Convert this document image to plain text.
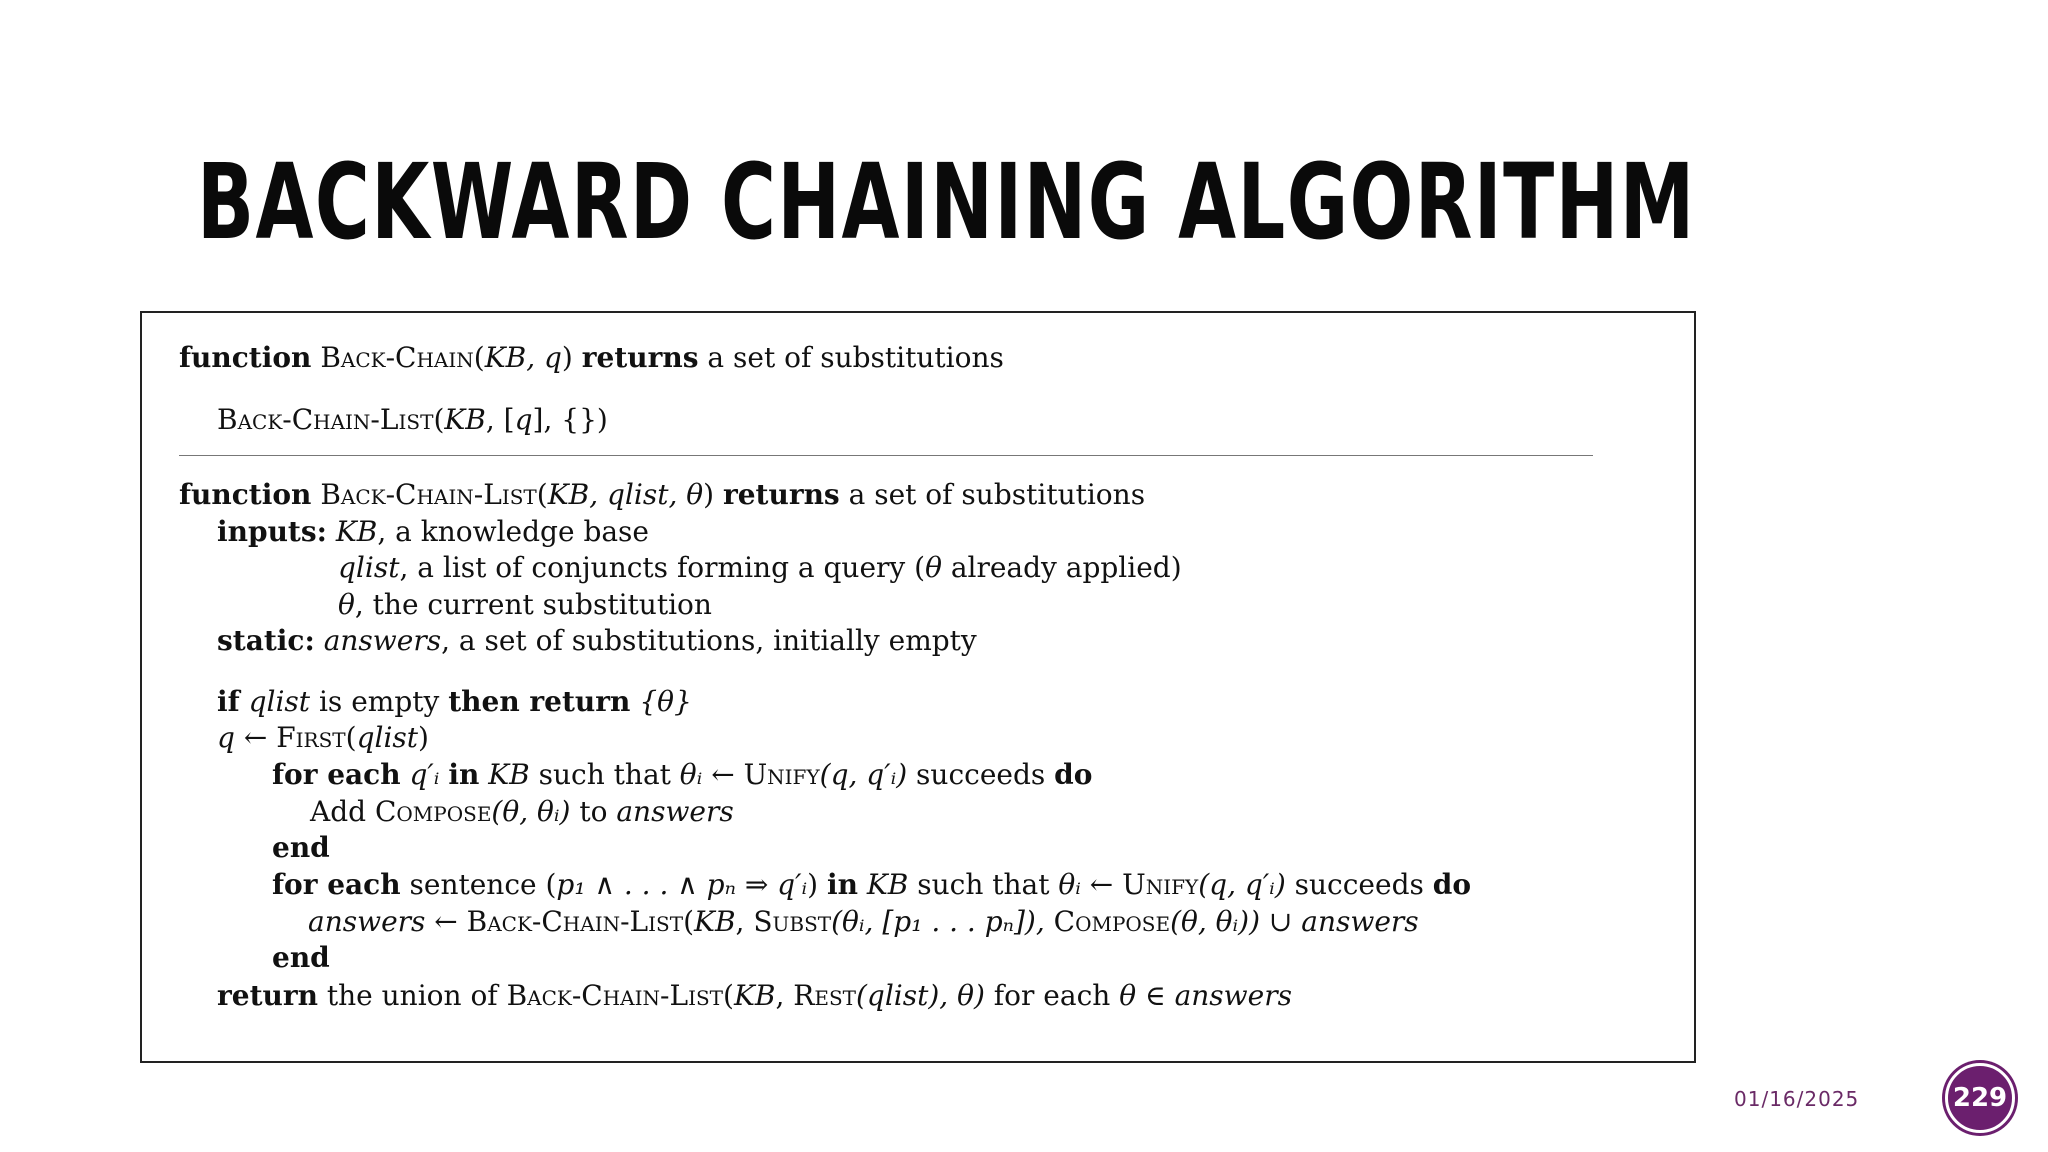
BACKWARD CHAINING ALGORITHM
function Back-Chain(KB, q) returns a set of substitutions
Back-Chain-List(KB, [q], {})
function Back-Chain-List(KB, qlist, θ) returns a set of substitutions
inputs: KB, a knowledge base
qlist, a list of conjuncts forming a query (θ already applied)
θ, the current substitution
static: answers, a set of substitutions, initially empty
if qlist is empty then return {θ}
q ← First(qlist)
for each q′ᵢ in KB such that θᵢ ← Unify(q, q′ᵢ) succeeds do
Add Compose(θ, θᵢ) to answers
end
for each sentence (p₁ ∧ . . . ∧ pₙ ⇒ q′ᵢ) in KB such that θᵢ ← Unify(q, q′ᵢ) succeeds do
answers ← Back-Chain-List(KB, Subst(θᵢ, [p₁ . . . pₙ]), Compose(θ, θᵢ)) ∪ answers
end
return the union of Back-Chain-List(KB, Rest(qlist), θ) for each θ ∈ answers
01/16/2025	229
